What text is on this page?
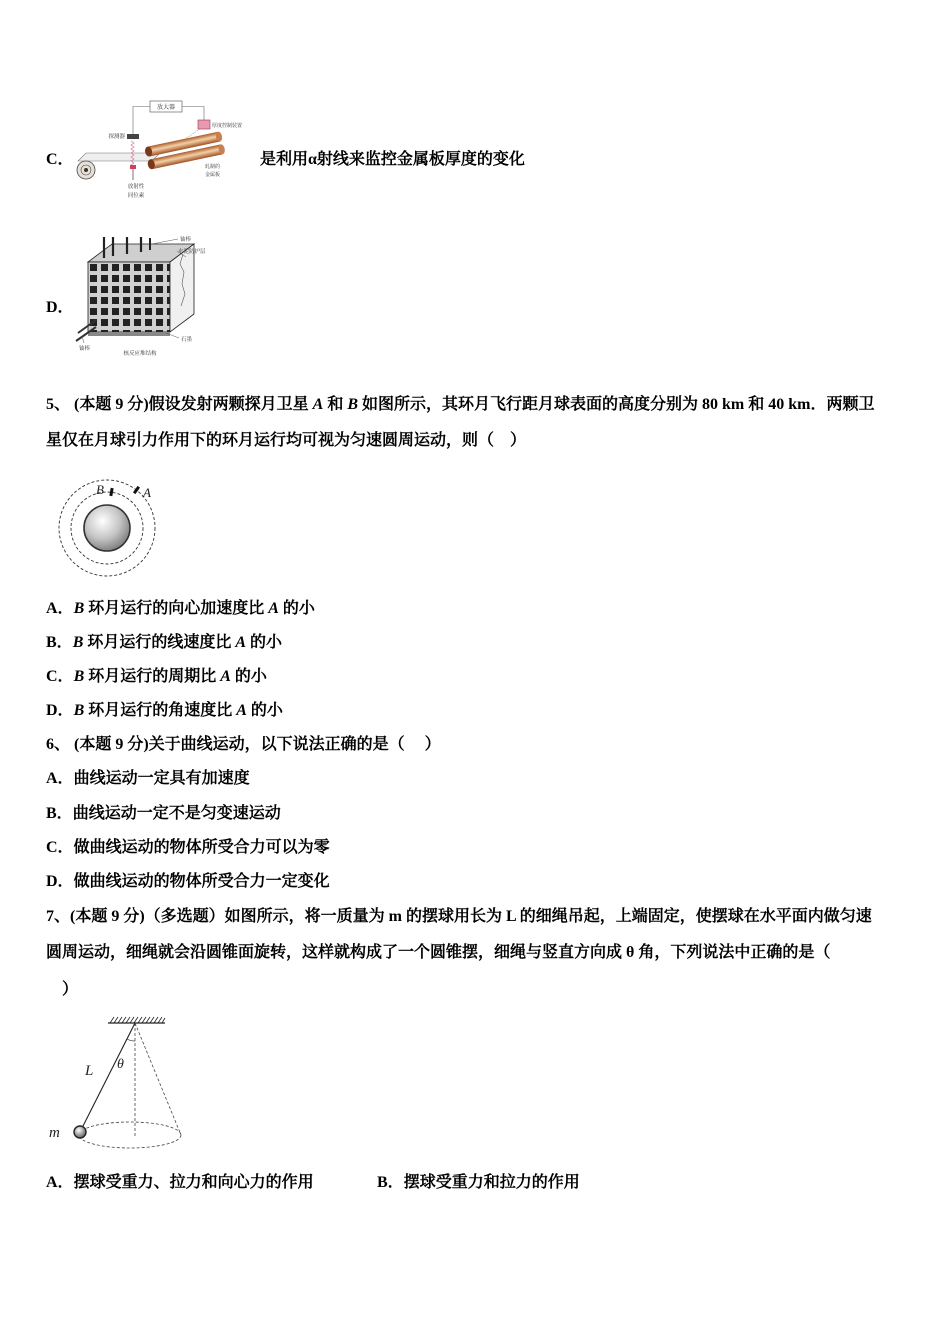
C．
放大器
厚度控制装置
探测器
放射性
同位素
轧制的
金属板
是利用α射线来监控金属板厚度的变化
D．
铀棒
水泥防护层
石墨
铀棒
核反应堆结构
5、 (本题 9 分)假设发射两颗探月卫星 A 和 B 如图所示，其环月飞行距月球表面的高度分别为 80 km 和 40 km．两颗卫
星仅在月球引力作用下的环月运行均可视为匀速圆周运动，则（    ）
B	A
A．B 环月运行的向心加速度比 A 的小
B．B 环月运行的线速度比 A 的小
C．B 环月运行的周期比 A 的小
D．B 环月运行的角速度比 A 的小
6、 (本题 9 分)关于曲线运动，以下说法正确的是（     ）
A．曲线运动一定具有加速度
B．曲线运动一定不是匀变速运动
C．做曲线运动的物体所受合力可以为零
D．做曲线运动的物体所受合力一定变化
7、(本题 9 分)（多选题）如图所示，将一质量为 m 的摆球用长为 L 的细绳吊起，上端固定，使摆球在水平面内做匀速
圆周运动，细绳就会沿圆锥面旋转，这样就构成了一个圆锥摆，细绳与竖直方向成 θ 角，下列说法中正确的是（
）
L θ
m
A．摆球受重力、拉力和向心力的作用	B．摆球受重力和拉力的作用
